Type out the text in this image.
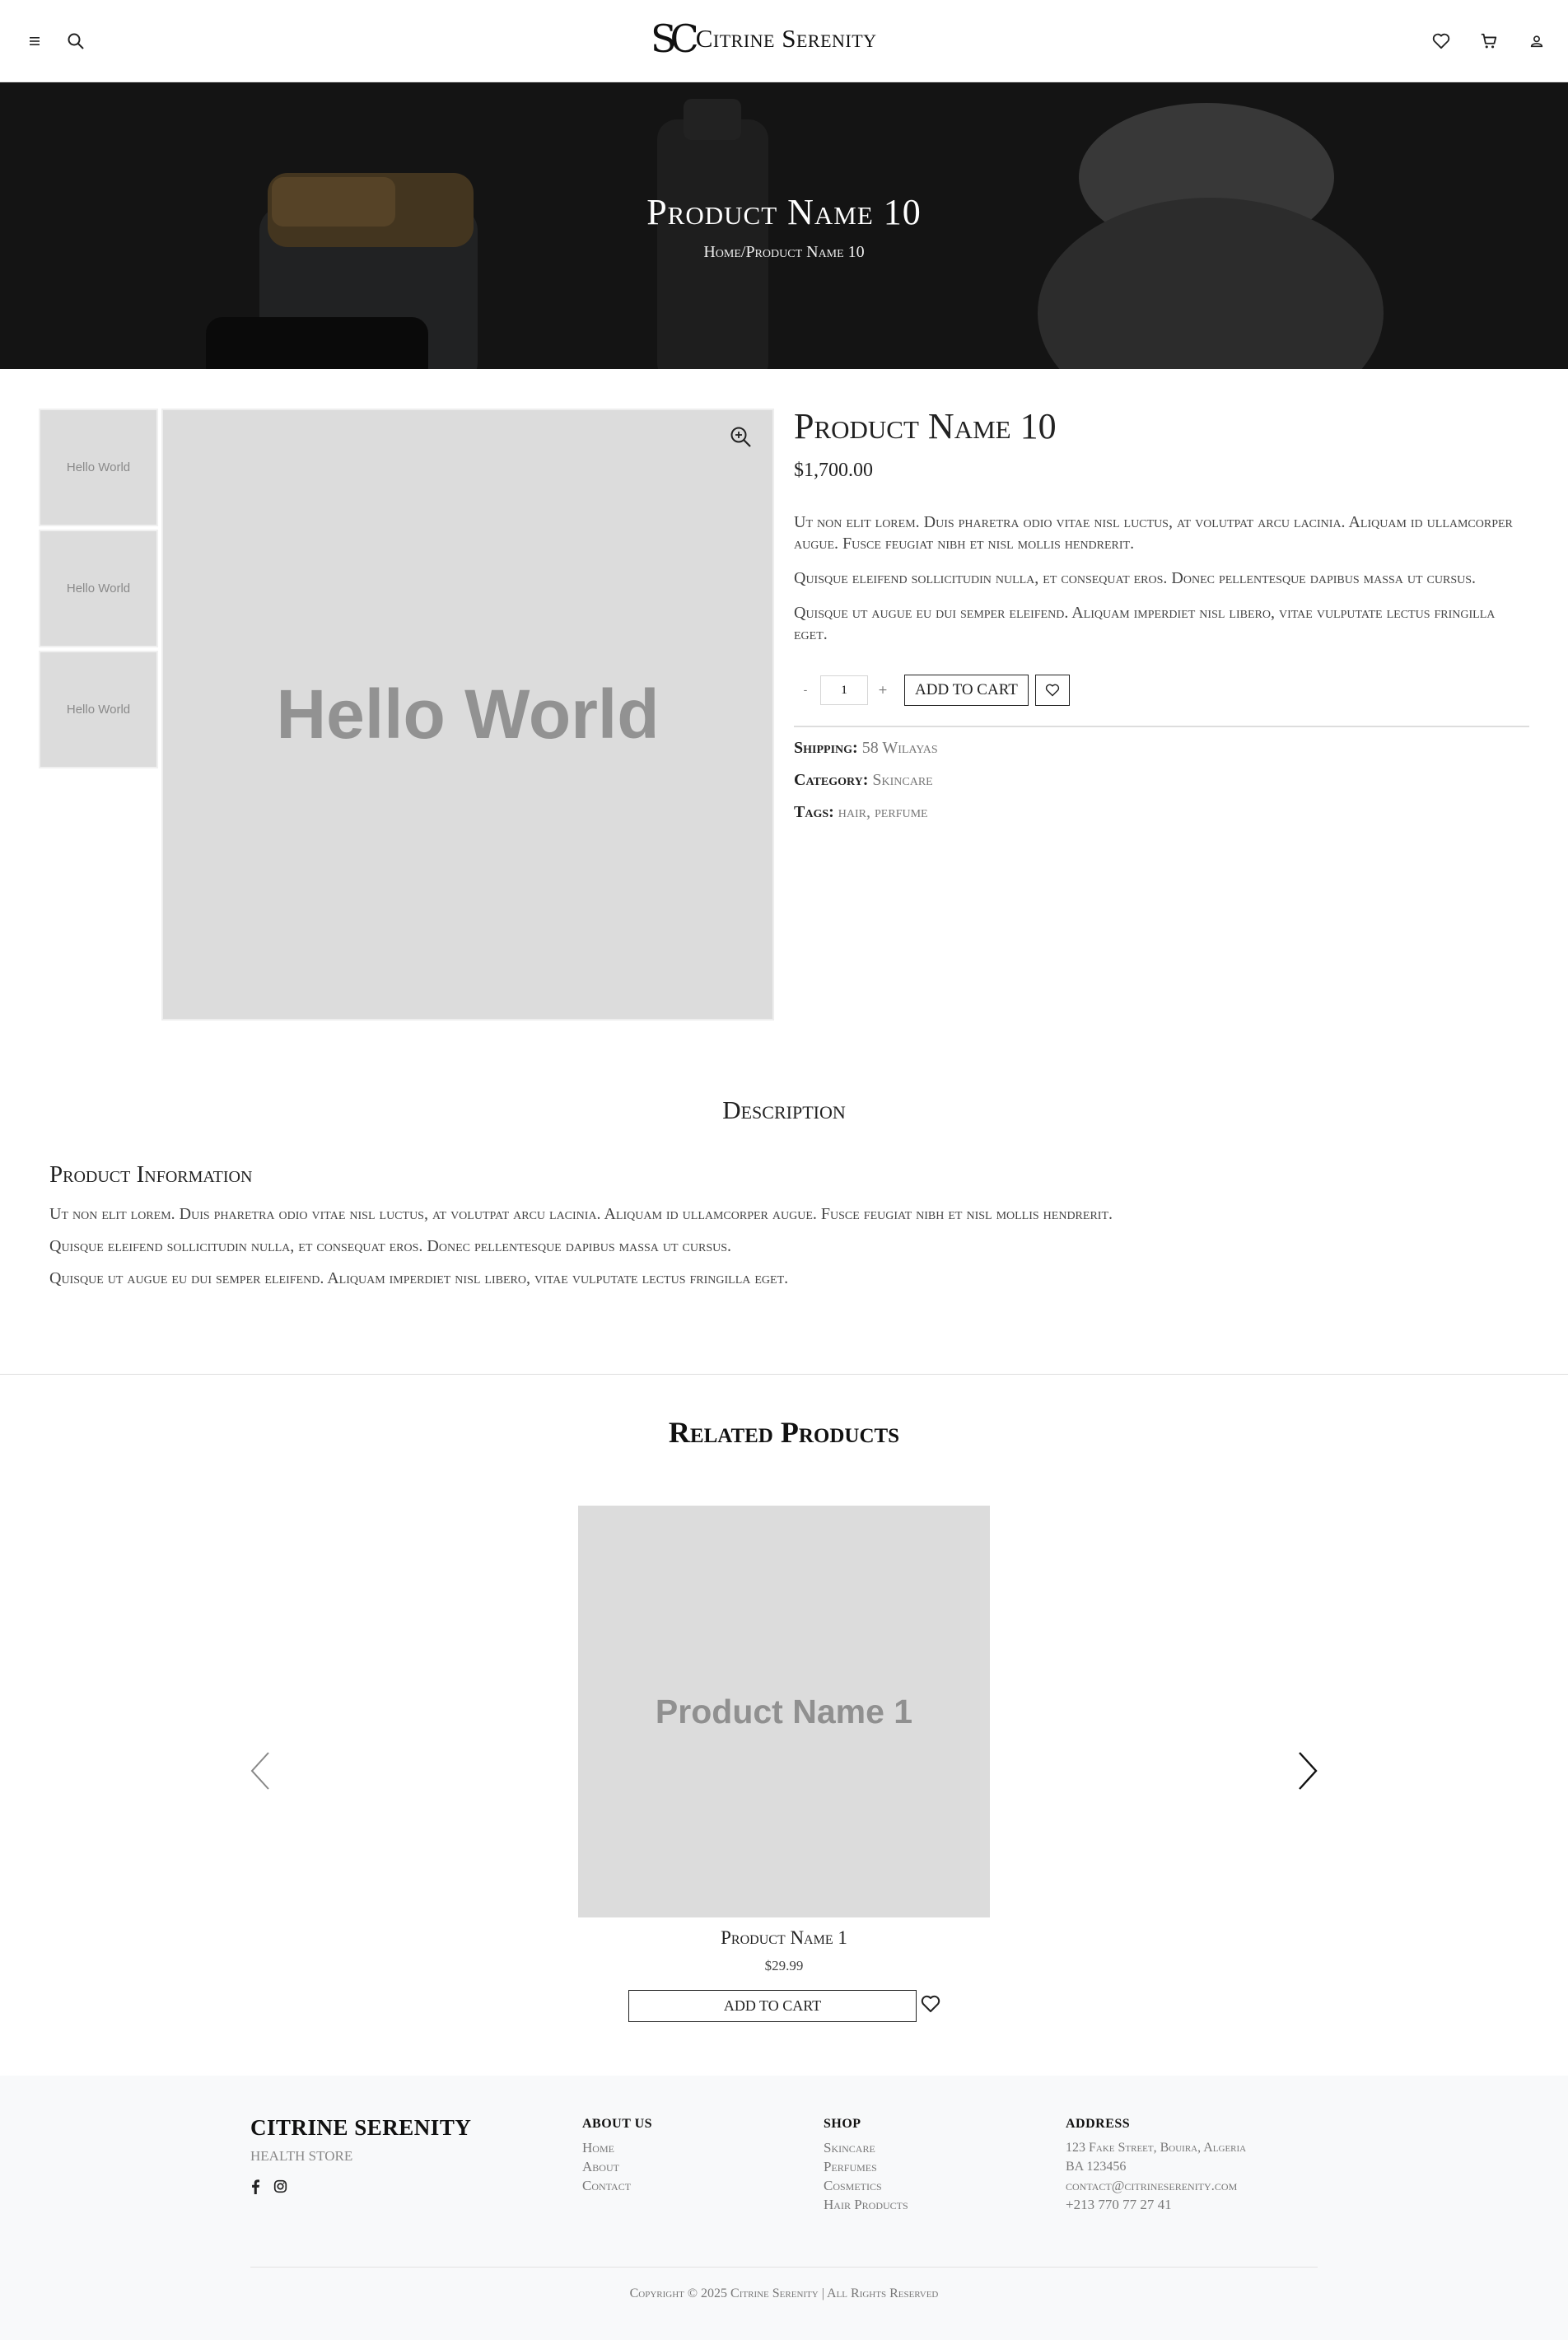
SC Citrine Serenity
Product Name 10
Home/Product Name 10
Hello World
Hello World
Hello World	Hello World
Product Name 10
$1,700.00

Ut non elit lorem. Duis pharetra odio vitae nisl luctus, at volutpat arcu lacinia. Aliquam id ullamcorper augue. Fusce feugiat nibh et nisl mollis hendrerit.

Quisque eleifend sollicitudin nulla, et consequat eros. Donec pellentesque dapibus massa ut cursus.

Quisque ut augue eu dui semper eleifend. Aliquam imperdiet nisl libero, vitae vulputate lectus fringilla eget.

-
1	+	ADD TO CART
Shipping: 58 Wilayas
Category: Skincare
Tags: hair, perfume
Description
Product Information

Ut non elit lorem. Duis pharetra odio vitae nisl luctus, at volutpat arcu lacinia. Aliquam id ullamcorper augue. Fusce feugiat nibh et nisl mollis hendrerit.

Quisque eleifend sollicitudin nulla, et consequat eros. Donec pellentesque dapibus massa ut cursus.

Quisque ut augue eu dui semper eleifend. Aliquam imperdiet nisl libero, vitae vulputate lectus fringilla eget.

Related Products
Product Name 1
Product Name 1
$29.99
ADD TO CART
CITRINE SERENITY
HEALTH STORE
ABOUT US
Home
About
Contact
SHOP
Skincare
Perfumes
Cosmetics
Hair Products
ADDRESS
123 Fake Street, Bouira, Algeria
BA 123456
contact@citrineserenity.com
+213 770 77 27 41
Copyright © 2025 Citrine Serenity | All Rights Reserved
